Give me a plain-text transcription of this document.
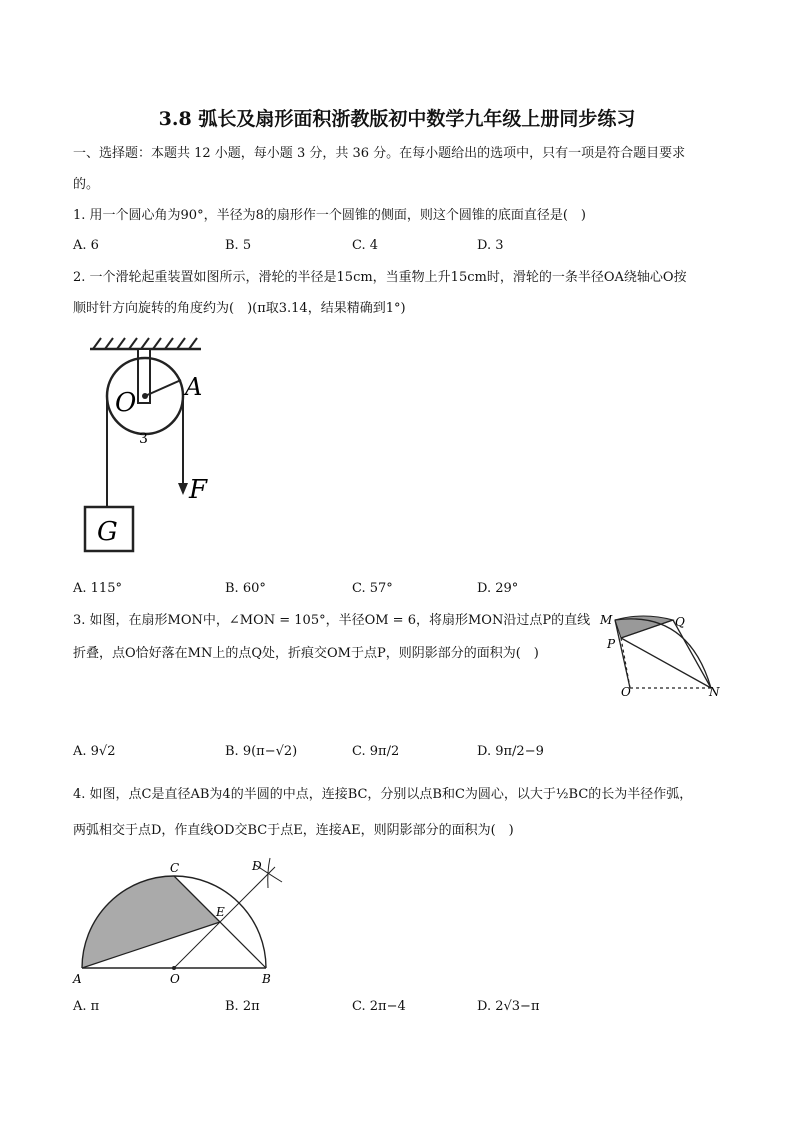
3.8 弧长及扇形面积浙教版初中数学九年级上册同步练习
一、选择题：本题共 12 小题，每小题 3 分，共 36 分。在每小题给出的选项中，只有一项是符合题目要求
的。
1. 用一个圆心角为90°，半径为8的扇形作一个圆锥的侧面，则这个圆锥的底面直径是(　)
A. 6	B. 5	C. 4	D. 3
2. 一个滑轮起重装置如图所示，滑轮的半径是15cm，当重物上升15cm时，滑轮的一条半径OA绕轴心O按
顺时针方向旋转的角度约为(　)(π取3.14，结果精确到1°)
O
A
F
G
3
A. 115°	B. 60°	C. 57°	D. 29°
3. 如图，在扇形MON中，∠MON = 105°，半径OM = 6，将扇形MON沿过点P的直线
折叠，点O恰好落在MN上的点Q处，折痕交OM于点P，则阴影部分的面积为(　)
M	Q
P
O	N
A. 9√2	B. 9(π−√2)	C. 9π/2	D. 9π/2−9
4. 如图，点C是直径AB为4的半圆的中点，连接BC，分别以点B和C为圆心，以大于½BC的长为半径作弧，
两弧相交于点D，作直线OD交BC于点E，连接AE，则阴影部分的面积为(　)
C	D
E
A	O	B
A. π	B. 2π	C. 2π−4	D. 2√3−π
